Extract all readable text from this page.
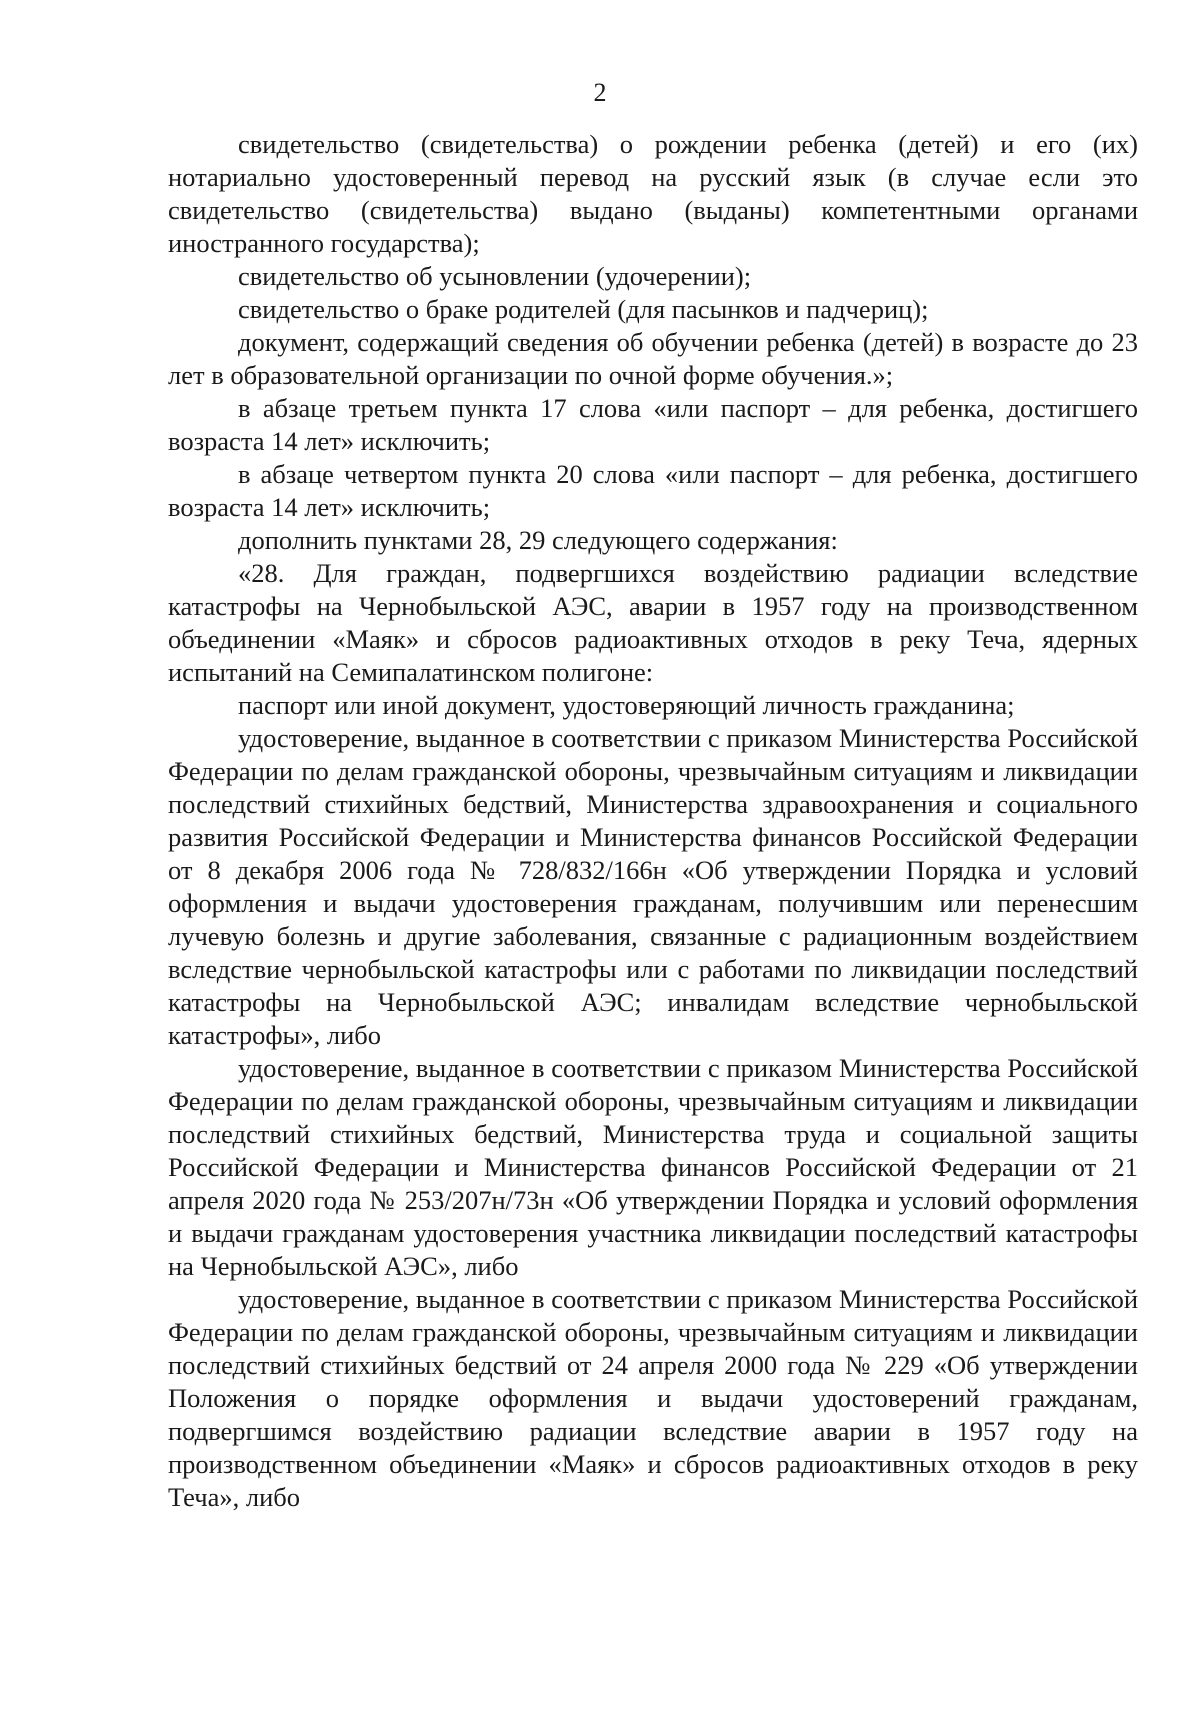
2

свидетельство (свидетельства) о рождении ребенка (детей) и его (их) нотариально удостоверенный перевод на русский язык (в случае если это свидетельство (свидетельства) выдано (выданы) компетентными органами иностранного государства);

свидетельство об усыновлении (удочерении);

свидетельство о браке родителей (для пасынков и падчериц);

документ, содержащий сведения об обучении ребенка (детей) в возрасте до 23 лет в образовательной организации по очной форме обучения.»;

в абзаце третьем пункта 17 слова «или паспорт – для ребенка, достигшего возраста 14 лет» исключить;

в абзаце четвертом пункта 20 слова «или паспорт – для ребенка, достигшего возраста 14 лет» исключить;

дополнить пунктами 28, 29 следующего содержания:

«28. Для граждан, подвергшихся воздействию радиации вследствие катастрофы на Чернобыльской АЭС, аварии в 1957 году на производственном объединении «Маяк» и сбросов радиоактивных отходов в реку Теча, ядерных испытаний на Семипалатинском полигоне:

паспорт или иной документ, удостоверяющий личность гражданина;

удостоверение, выданное в соответствии с приказом Министерства Российской Федерации по делам гражданской обороны, чрезвычайным ситуациям и ликвидации последствий стихийных бедствий, Министерства здравоохранения и социального развития Российской Федерации и Министерства финансов Российской Федерации от 8 декабря 2006 года № 728/832/166н «Об утверждении Порядка и условий оформления и выдачи удостоверения гражданам, получившим или перенесшим лучевую болезнь и другие заболевания, связанные с радиационным воздействием вследствие чернобыльской катастрофы или с работами по ликвидации последствий катастрофы на Чернобыльской АЭС; инвалидам вследствие чернобыльской катастрофы», либо

удостоверение, выданное в соответствии с приказом Министерства Российской Федерации по делам гражданской обороны, чрезвычайным ситуациям и ликвидации последствий стихийных бедствий, Министерства труда и социальной защиты Российской Федерации и Министерства финансов Российской Федерации от 21 апреля 2020 года № 253/207н/73н «Об утверждении Порядка и условий оформления и выдачи гражданам удостоверения участника ликвидации последствий катастрофы на Чернобыльской АЭС», либо

удостоверение, выданное в соответствии с приказом Министерства Российской Федерации по делам гражданской обороны, чрезвычайным ситуациям и ликвидации последствий стихийных бедствий от 24 апреля 2000 года № 229 «Об утверждении Положения о порядке оформления и выдачи удостоверений гражданам, подвергшимся воздействию радиации вследствие аварии в 1957 году на производственном объединении «Маяк» и сбросов радиоактивных отходов в реку Теча», либо
